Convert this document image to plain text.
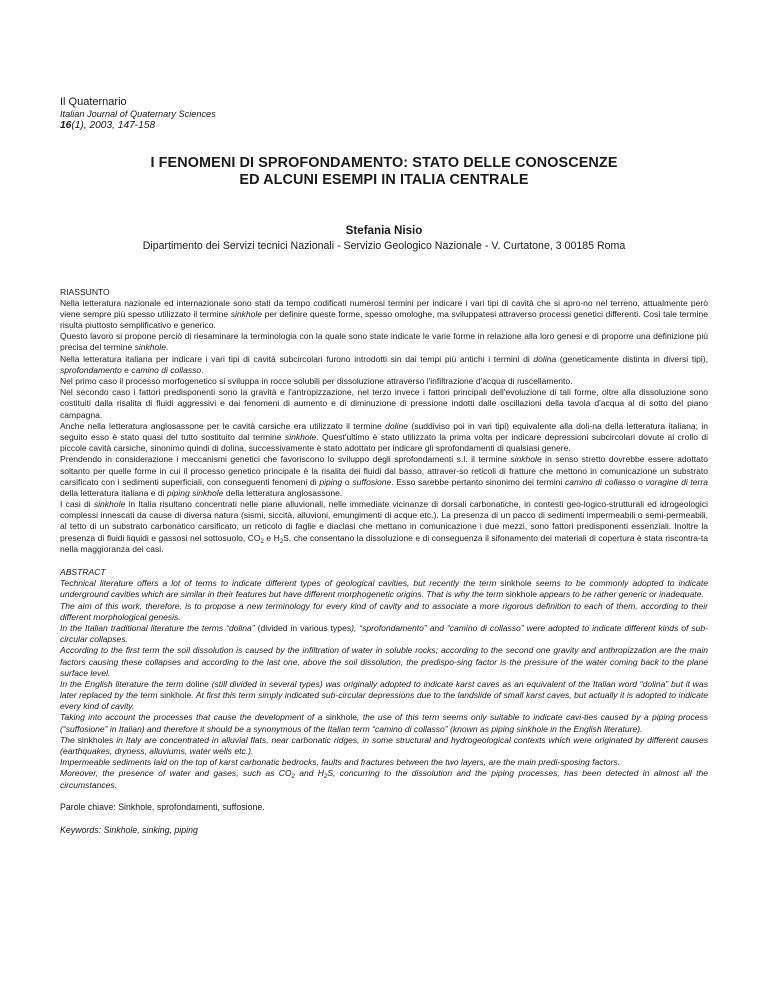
Il Quaternario

Italian Journal of Quaternary Sciences

16(1), 2003, 147-158

I FENOMENI DI SPROFONDAMENTO: STATO DELLE CONOSCENZE
ED ALCUNI ESEMPI IN ITALIA CENTRALE
Stefania Nisio
Dipartimento dei Servizi tecnici Nazionali - Servizio Geologico Nazionale - V. Curtatone, 3 00185 Roma

RIASSUNTO

Nella letteratura nazionale ed internazionale sono stati da tempo codificati numerosi termini per indicare i vari tipi di cavità che si apro-no nel terreno, attualmente però viene sempre più spesso utilizzato il termine sinkhole per definire queste forme, spesso omologhe, ma sviluppatesi attraverso processi genetici differenti. Così tale termine risulta piuttosto semplificativo e generico.

Questo lavoro si propone perciò di riesaminare la terminologia con la quale sono state indicate le varie forme in relazione alla loro genesi e di proporre una definizione più precisa del termine sinkhole.

Nella letteratura italiana per indicare i vari tipi di cavità subcircolari furono introdotti sin dai tempi più antichi i termini di dolina (geneticamente distinta in diversi tipi), sprofondamento e camino di collasso.

Nel primo caso il processo morfogenetico si sviluppa in rocce solubili per dissoluzione attraverso l'infiltrazione d'acqua di ruscellamento.

Nel secondo caso i fattori predisponenti sono la gravità e l'antropizzazione, nel terzo invece i fattori principali dell'evoluzione di tali forme, oltre alla dissoluzione sono costituiti dalla risalita di fluidi aggressivi e dai fenomeni di aumento e di diminuzione di pressione indotti dalle oscillazioni della tavola d'acqua al di sotto del piano campagna.

Anche nella letteratura anglosassone per le cavità carsiche era utilizzato il termine doline (suddiviso poi in vari tipi) equivalente alla doli-na della letteratura italiana; in seguito esso è stato quasi del tutto sostituito dal termine sinkhole. Quest'ultimo è stato utilizzato la prima volta per indicare depressioni subcircolari dovute al crollo di piccole cavità carsiche, sinonimo quindi di dolina, successivamente è stato adottato per indicare gli sprofondamenti di qualsiasi genere.

Prendendo in considerazione i meccanismi genetici che favoriscono lo sviluppo degli sprofondamenti s.l. il termine sinkhole in senso stretto dovrebbe essere adottato soltanto per quelle forme in cui il processo genetico principale è la risalita dei fluidi dal basso, attraver-so reticoli di fratture che mettono in comunicazione un substrato carsificato con i sedimenti superficiali, con conseguenti fenomeni di piping o suffosione. Esso sarebbe pertanto sinonimo dei termini camino di collasso o voragine di terra della letteratura italiana e di piping sinkhole della letteratura anglosassone.

I casi di sinkhole in Italia risultano concentrati nelle piane alluvionali, nelle immediate vicinanze di dorsali carbonatiche, in contesti geo-logico-strutturali ed idrogeologici complessi innescati da cause di diversa natura (sismi, siccità, alluvioni, emungimenti di acque etc.). La presenza di un pacco di sedimenti impermeabili o semi-permeabili, al tetto di un substrato carbonatico carsificato, un reticolo di faglie e diaclasi che mettano in comunicazione i due mezzi, sono fattori predisponenti essenziali. Inoltre la presenza di fluidi liquidi e gassosi nel sottosuolo, $CO_2$ e $H_2S$, che consentano la dissoluzione e di conseguenza il sifonamento dei materiali di copertura è stata riscontra-ta nella maggioranza dei casi.

ABSTRACT

Technical literature offers a lot of terms to indicate different types of geological cavities, but recently the term sinkhole seems to be commonly adopted to indicate underground cavities which are similar in their features but have different morphogenetic origins. That is why the term sinkhole appears to be rather generic or inadequate.

The aim of this work, therefore, is to propose a new terminology for every kind of cavity and to associate a more rigorous definition to each of them, according to their different morphological genesis.

In the Italian traditional literature the terms “dolina” (divided in various types), “sprofondamento” and “camino di collasso” were adopted to indicate different kinds of sub-circular collapses.

According to the first term the soil dissolution is caused by the infiltration of water in soluble rocks; according to the second one gravity and anthropizzation are the main factors causing these collapses and according to the last one, above the soil dissolution, the predispo-sing factor is the pressure of the water coming back to the plane surface level.

In the English literature the term doline (still divided in several types) was originally adopted to indicate karst caves as an equivalent of the Italian word “dolina” but it was later replaced by the term sinkhole. At first this term simply indicated sub-circular depressions due to the landslide of small karst caves, but actually it is adopted to indicate every kind of cavity.

Taking into account the processes that cause the development of a sinkhole, the use of this term seems only suitable to indicate cavi-ties caused by a piping process (“suffosione” in Italian) and therefore it should be a synonymous of the Italian term “camino di collasso” (known as piping sinkhole in the English literature).

The sinkholes in Italy are concentrated in alluvial flats, near carbonatic ridges, in some structural and hydrogeological contexts which were originated by different causes (earthquakes, dryness, alluviums, water wells etc.).

Impermeable sediments laid on the top of karst carbonatic bedrocks, faults and fractures between the two layers, are the main predi-sposing factors.

Moreover, the presence of water and gases, such as $CO_2$ and $H_2S$, concurring to the dissolution and the piping processes, has been detected in almost all the circumstances.

Parole chiave: Sinkhole, sprofondamenti, suffosione.
Keywords: Sinkhole, sinking, piping
